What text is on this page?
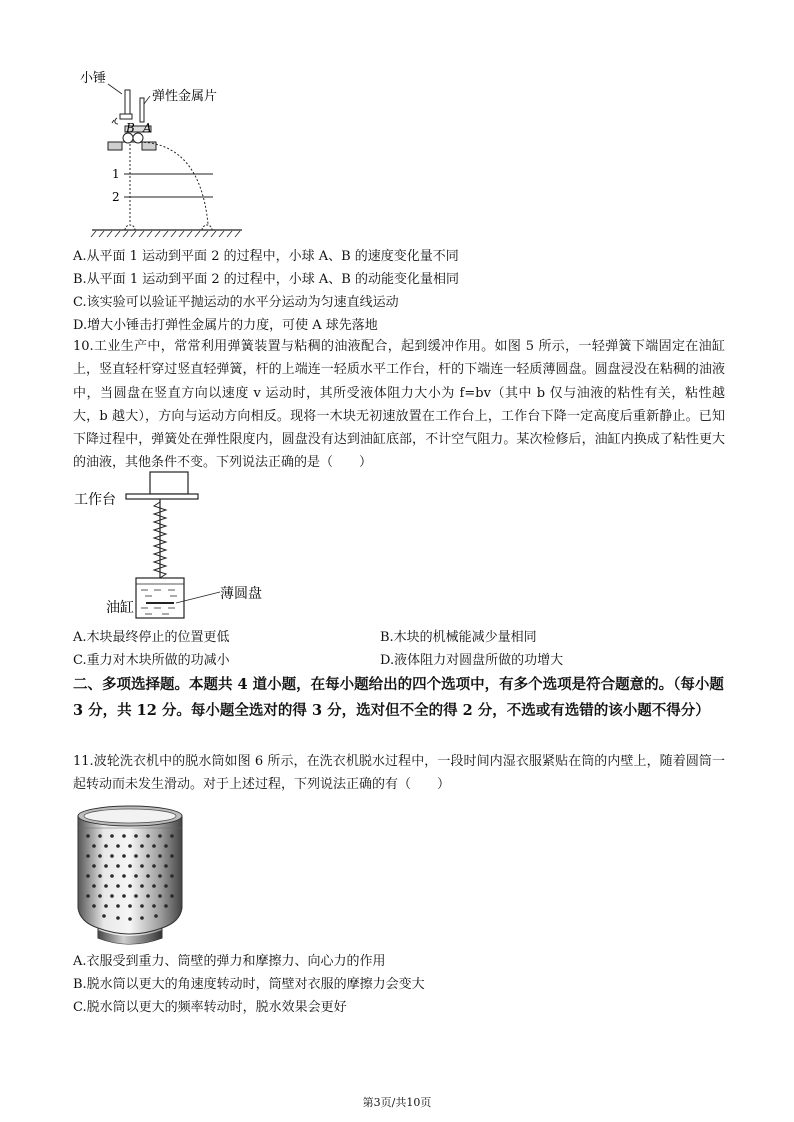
小锤
弹性金属片
B A
1
2
A.从平面 1 运动到平面 2 的过程中，小球 A、B 的速度变化量不同
B.从平面 1 运动到平面 2 的过程中，小球 A、B 的动能变化量相同
C.该实验可以验证平抛运动的水平分运动为匀速直线运动
D.增大小锤击打弹性金属片的力度，可使 A 球先落地
10.工业生产中，常常利用弹簧装置与粘稠的油液配合，起到缓冲作用。如图 5 所示，一轻弹簧下端固定在油缸上，竖直轻杆穿过竖直轻弹簧，杆的上端连一轻质水平工作台，杆的下端连一轻质薄圆盘。圆盘浸没在粘稠的油液中，当圆盘在竖直方向以速度 v 运动时，其所受液体阻力大小为 f=bv（其中 b 仅与油液的粘性有关，粘性越大，b 越大），方向与运动方向相反。现将一木块无初速放置在工作台上，工作台下降一定高度后重新静止。已知下降过程中，弹簧处在弹性限度内，圆盘没有达到油缸底部，不计空气阻力。某次检修后，油缸内换成了粘性更大的油液，其他条件不变。下列说法正确的是（　　）
工作台
薄圆盘
油缸
A.木块最终停止的位置更低	B.木块的机械能减少量相同
C.重力对木块所做的功减小	D.液体阻力对圆盘所做的功增大
二、多项选择题。本题共 4 道小题，在每小题给出的四个选项中，有多个选项是符合题意的。（每小题 3 分，共 12 分。每小题全选对的得 3 分，选对但不全的得 2 分，不选或有选错的该小题不得分）
11.波轮洗衣机中的脱水筒如图 6 所示，在洗衣机脱水过程中，一段时间内湿衣服紧贴在筒的内壁上，随着圆筒一起转动而未发生滑动。对于上述过程，下列说法正确的有（　　）
A.衣服受到重力、筒壁的弹力和摩擦力、向心力的作用
B.脱水筒以更大的角速度转动时，筒壁对衣服的摩擦力会变大
C.脱水筒以更大的频率转动时，脱水效果会更好
第3页/共10页
